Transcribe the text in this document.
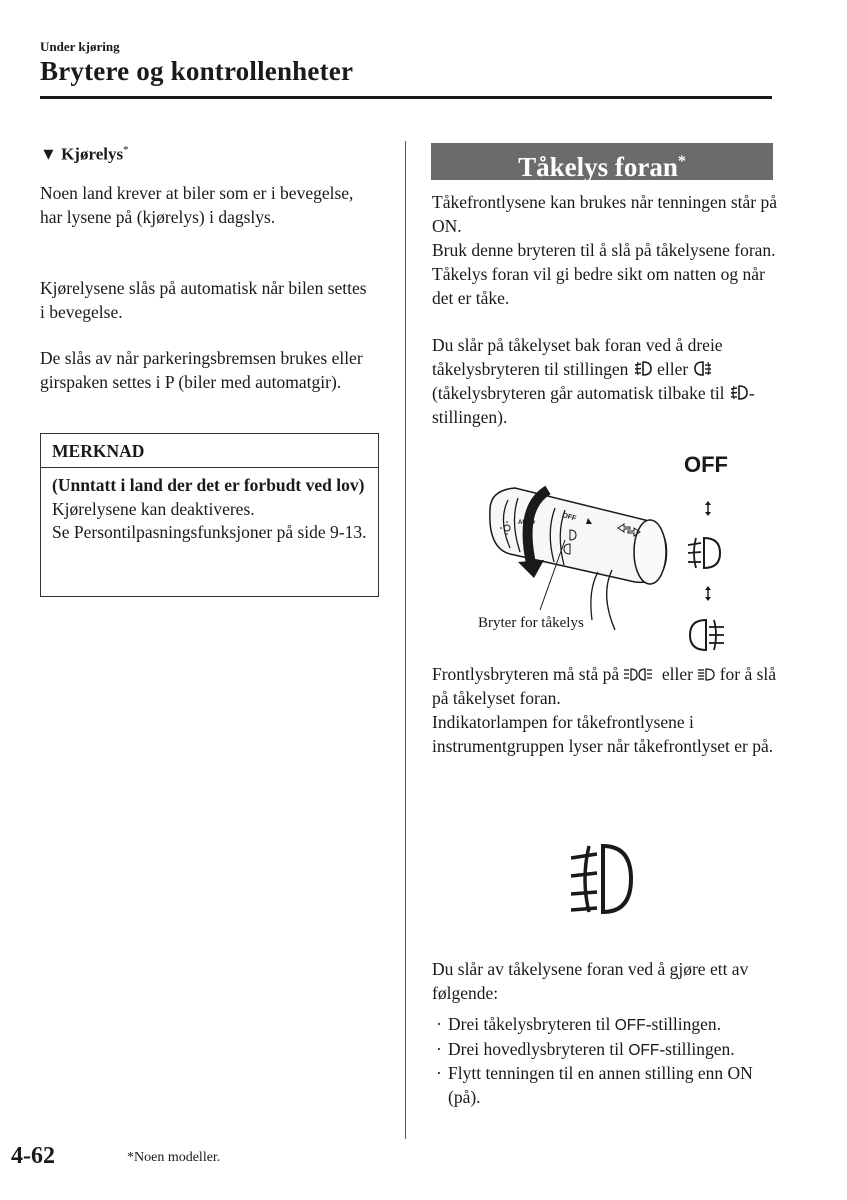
Under kjøring
Brytere og kontrollenheter
▼ Kjørelys*
Noen land krever at biler som er i bevegelse, har lysene på (kjørelys) i dagslys.
Kjørelysene slås på automatisk når bilen settes i bevegelse.
De slås av når parkeringsbremsen brukes eller girspaken settes i P (biler med automatgir).
MERKNAD
(Unntatt i land der det er forbudt ved lov)
Kjørelysene kan deaktiveres.
Se Persontilpasningsfunksjoner på side 9-13.
Tåkelys foran*
Tåkefrontlysene kan brukes når tenningen står på ON.
Bruk denne bryteren til å slå på tåkelysene foran. Tåkelys foran vil gi bedre sikt om natten og når det er tåke.
Du slår på tåkelyset bak foran ved å dreie tåkelysbryteren til stillingen eller  (tåkelysbryteren går automatisk tilbake til -stillingen).
OFF
OFF
AUTO
Bryter for tåkelys
Frontlysbryteren må stå på eller for å slå på tåkelyset foran.
Indikatorlampen for tåkefrontlysene i instrumentgruppen lyser når tåkefrontlyset er på.
Du slår av tåkelysene foran ved å gjøre ett av følgende:
· Drei tåkelysbryteren til OFF-stillingen.
· Drei hovedlysbryteren til OFF-stillingen.
· Flytt tenningen til en annen stilling enn ON (på).
4-62	*Noen modeller.
